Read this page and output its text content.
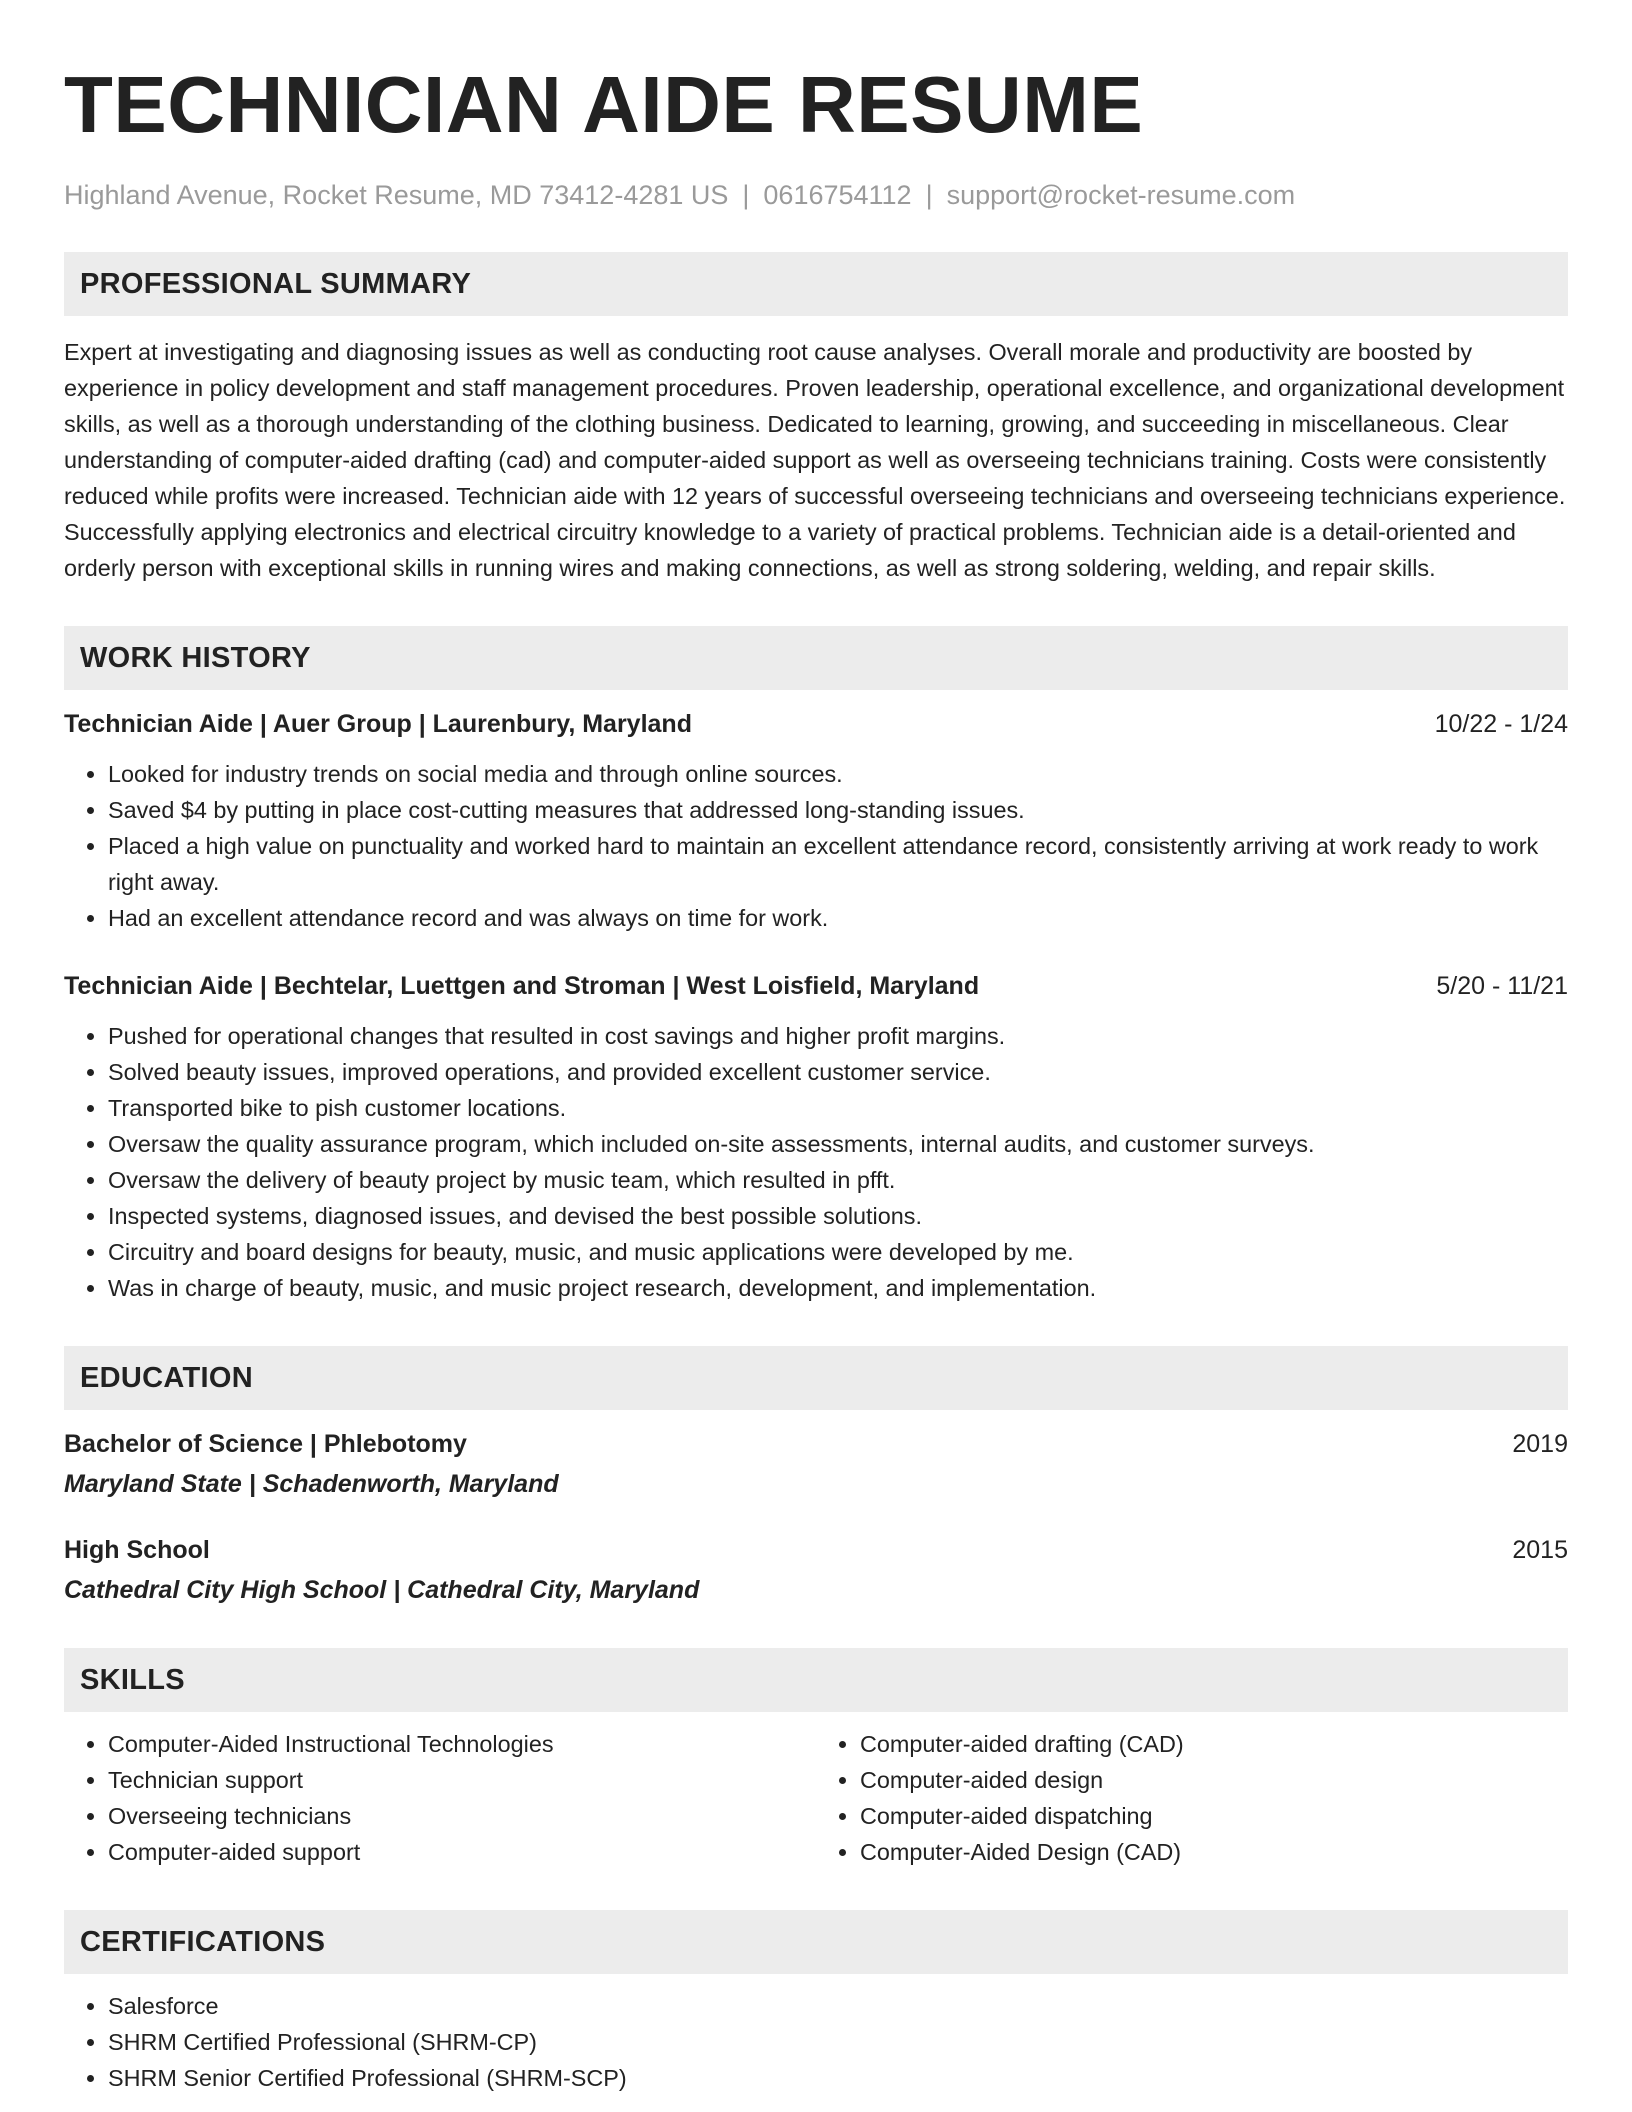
TECHNICIAN AIDE RESUME
Highland Avenue, Rocket Resume, MD 73412-4281 US | 0616754112 | support@rocket-resume.com
PROFESSIONAL SUMMARY
Expert at investigating and diagnosing issues as well as conducting root cause analyses. Overall morale and productivity are boosted by experience in policy development and staff management procedures. Proven leadership, operational excellence, and organizational development skills, as well as a thorough understanding of the clothing business. Dedicated to learning, growing, and succeeding in miscellaneous. Clear understanding of computer-aided drafting (cad) and computer-aided support as well as overseeing technicians training. Costs were consistently reduced while profits were increased. Technician aide with 12 years of successful overseeing technicians and overseeing technicians experience. Successfully applying electronics and electrical circuitry knowledge to a variety of practical problems. Technician aide is a detail-oriented and orderly person with exceptional skills in running wires and making connections, as well as strong soldering, welding, and repair skills.
WORK HISTORY
Technician Aide | Auer Group | Laurenbury, Maryland	10/22 - 1/24
• Looked for industry trends on social media and through online sources.
• Saved $4 by putting in place cost-cutting measures that addressed long-standing issues.
• Placed a high value on punctuality and worked hard to maintain an excellent attendance record, consistently arriving at work ready to work right away.
• Had an excellent attendance record and was always on time for work.
Technician Aide | Bechtelar, Luettgen and Stroman | West Loisfield, Maryland	5/20 - 11/21
• Pushed for operational changes that resulted in cost savings and higher profit margins.
• Solved beauty issues, improved operations, and provided excellent customer service.
• Transported bike to pish customer locations.
• Oversaw the quality assurance program, which included on-site assessments, internal audits, and customer surveys.
• Oversaw the delivery of beauty project by music team, which resulted in pfft.
• Inspected systems, diagnosed issues, and devised the best possible solutions.
• Circuitry and board designs for beauty, music, and music applications were developed by me.
• Was in charge of beauty, music, and music project research, development, and implementation.
EDUCATION
Bachelor of Science | Phlebotomy	2019
Maryland State | Schadenworth, Maryland
High School	2015
Cathedral City High School | Cathedral City, Maryland
SKILLS
• Computer-Aided Instructional Technologies
• Technician support
• Overseeing technicians
• Computer-aided support
• Computer-aided drafting (CAD)
• Computer-aided design
• Computer-aided dispatching
• Computer-Aided Design (CAD)
CERTIFICATIONS
• Salesforce
• SHRM Certified Professional (SHRM-CP)
• SHRM Senior Certified Professional (SHRM-SCP)
